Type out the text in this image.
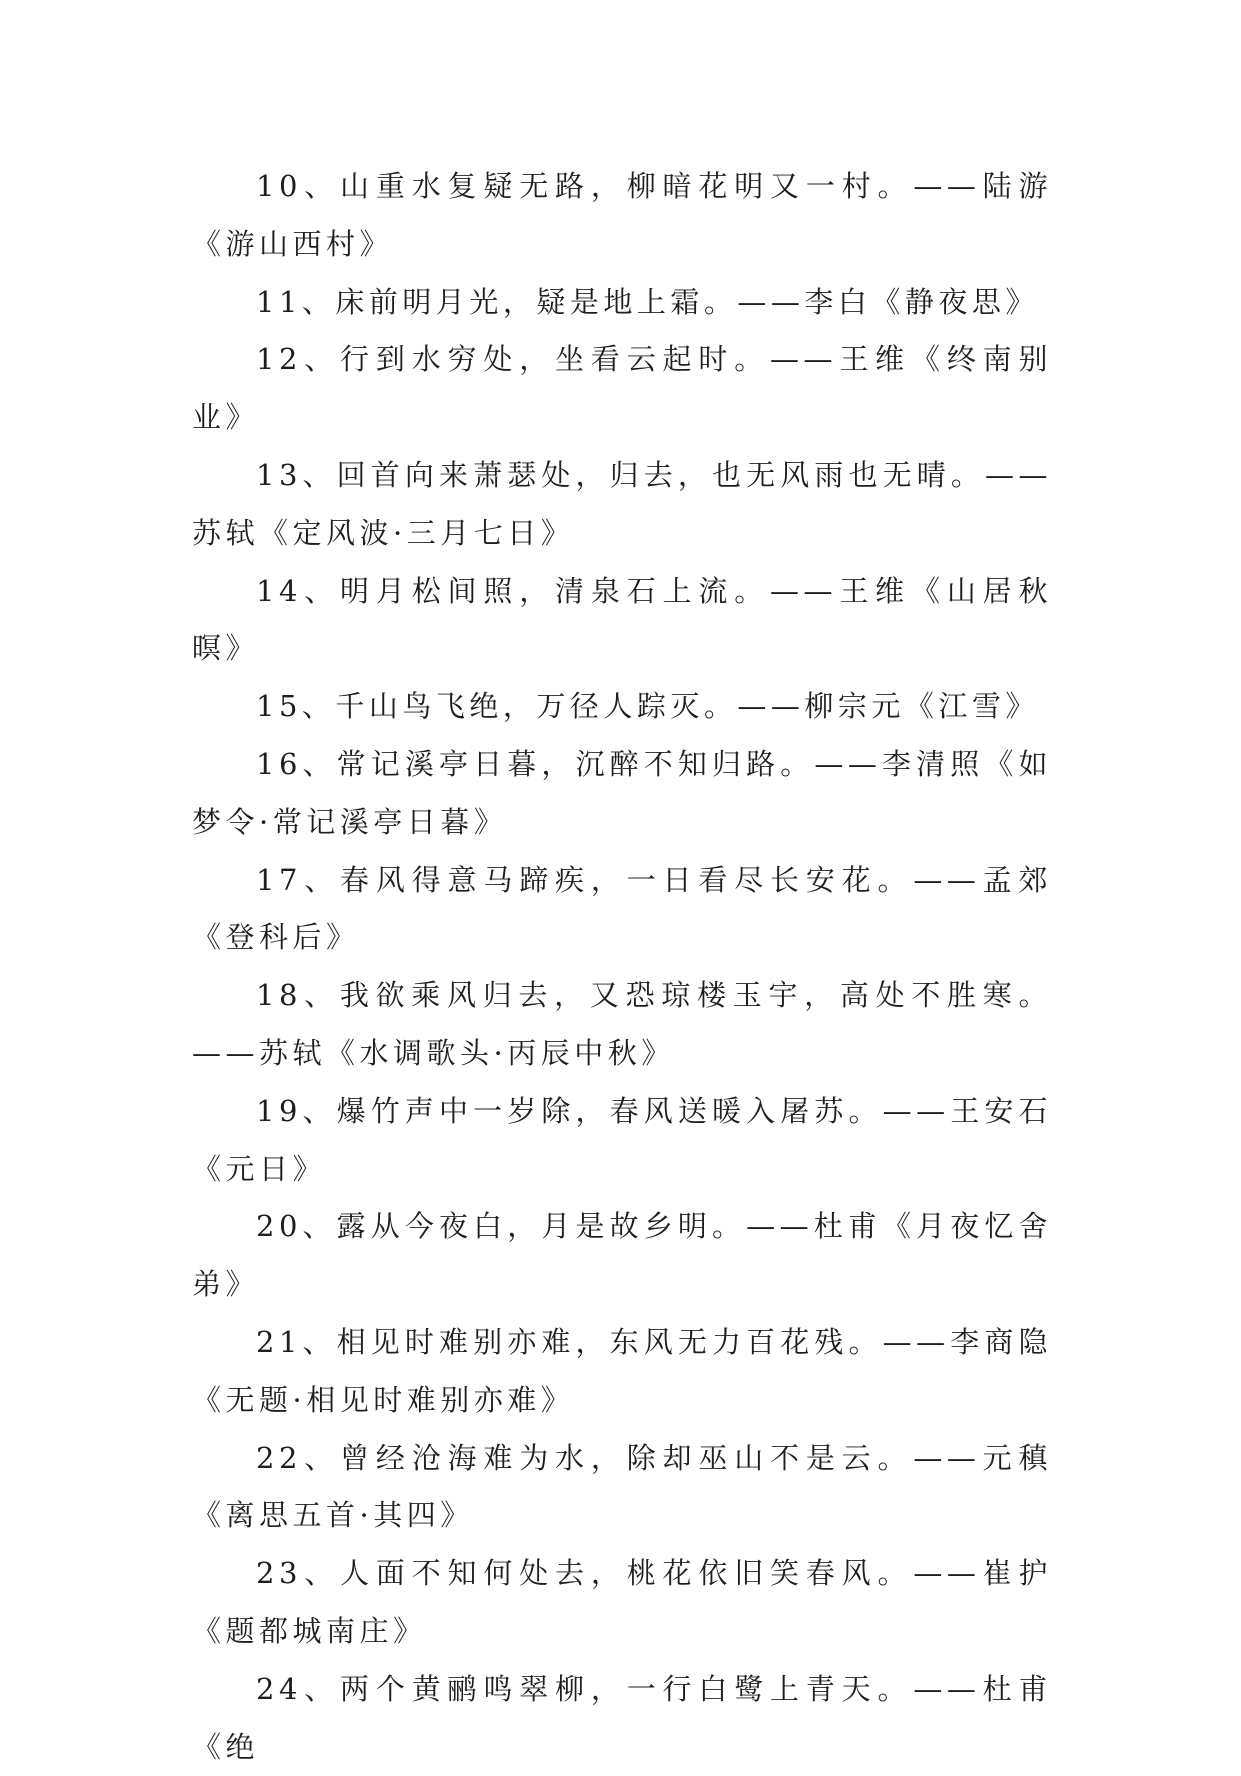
10、山重水复疑无路，柳暗花明又一村。——陆游《游山西村》

11、床前明月光，疑是地上霜。——李白《静夜思》

12、行到水穷处，坐看云起时。——王维《终南别业》

13、回首向来萧瑟处，归去，也无风雨也无晴。——苏轼《定风波·三月七日》

14、明月松间照，清泉石上流。——王维《山居秋暝》

15、千山鸟飞绝，万径人踪灭。——柳宗元《江雪》

16、常记溪亭日暮，沉醉不知归路。——李清照《如梦令·常记溪亭日暮》

17、春风得意马蹄疾，一日看尽长安花。——孟郊《登科后》

18、我欲乘风归去，又恐琼楼玉宇，高处不胜寒。——苏轼《水调歌头·丙辰中秋》

19、爆竹声中一岁除，春风送暖入屠苏。——王安石《元日》

20、露从今夜白，月是故乡明。——杜甫《月夜忆舍弟》

21、相见时难别亦难，东风无力百花残。——李商隐《无题·相见时难别亦难》

22、曾经沧海难为水，除却巫山不是云。——元稹《离思五首·其四》

23、人面不知何处去，桃花依旧笑春风。——崔护《题都城南庄》

24、两个黄鹂鸣翠柳，一行白鹭上青天。——杜甫《绝
